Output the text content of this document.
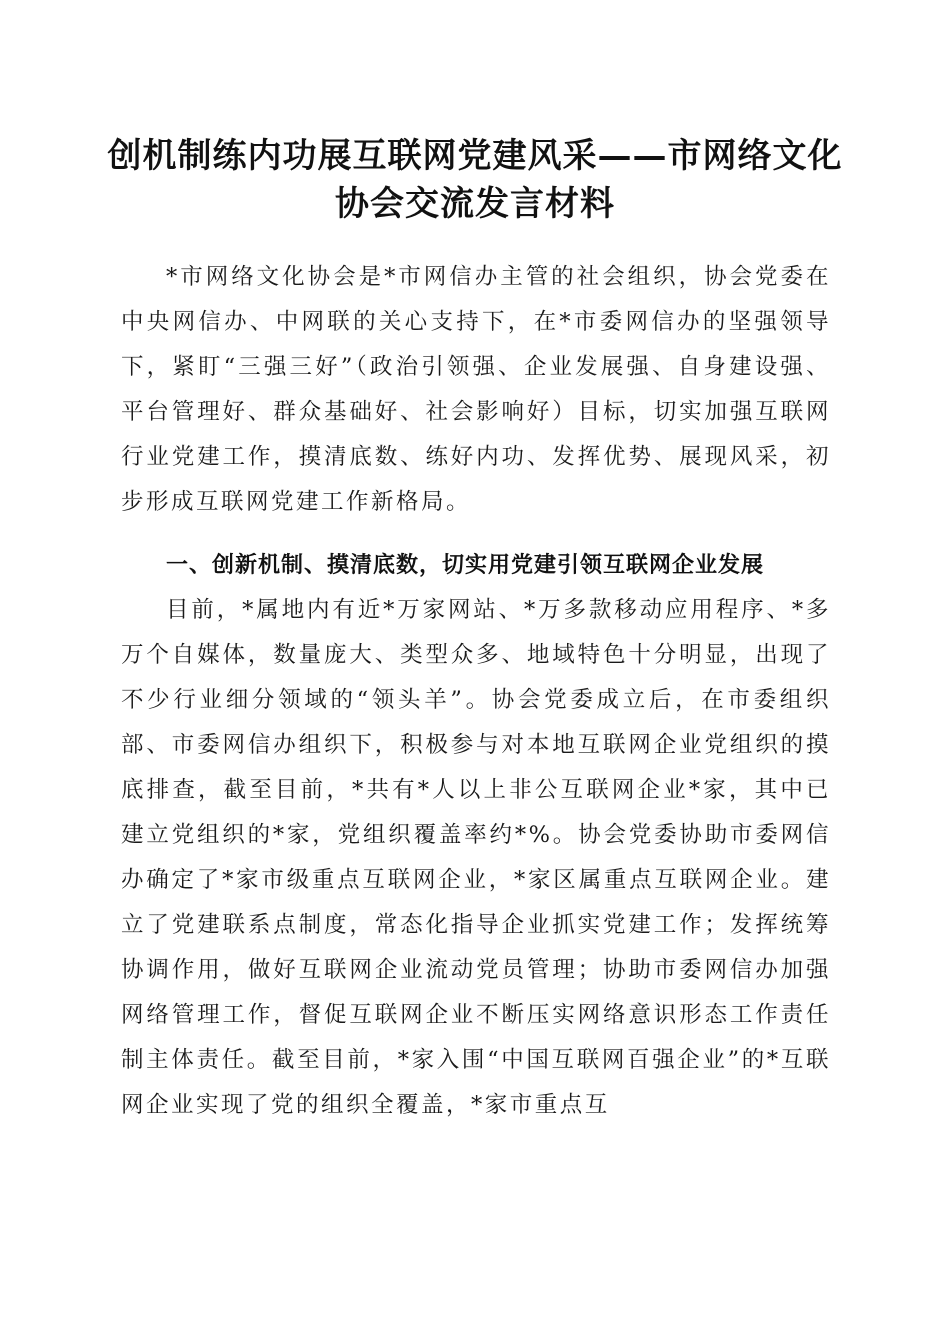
创机制练内功展互联网党建风采——市网络文化协会交流发言材料

*市网络文化协会是*市网信办主管的社会组织，协会党委在中央网信办、中网联的关心支持下，在*市委网信办的坚强领导下，紧盯“三强三好”（政治引领强、企业发展强、自身建设强、平台管理好、群众基础好、社会影响好）目标，切实加强互联网行业党建工作，摸清底数、练好内功、发挥优势、展现风采，初步形成互联网党建工作新格局。

一、创新机制、摸清底数，切实用党建引领互联网企业发展

目前，*属地内有近*万家网站、*万多款移动应用程序、*多万个自媒体，数量庞大、类型众多、地域特色十分明显，出现了不少行业细分领域的“领头羊”。协会党委成立后，在市委组织部、市委网信办组织下，积极参与对本地互联网企业党组织的摸底排查，截至目前，*共有*人以上非公互联网企业*家，其中已建立党组织的*家，党组织覆盖率约*%。协会党委协助市委网信办确定了*家市级重点互联网企业，*家区属重点互联网企业。建立了党建联系点制度，常态化指导企业抓实党建工作；发挥统筹协调作用，做好互联网企业流动党员管理；协助市委网信办加强网络管理工作，督促互联网企业不断压实网络意识形态工作责任制主体责任。截至目前，*家入围“中国互联网百强企业”的*互联网企业实现了党的组织全覆盖，*家市重点互
